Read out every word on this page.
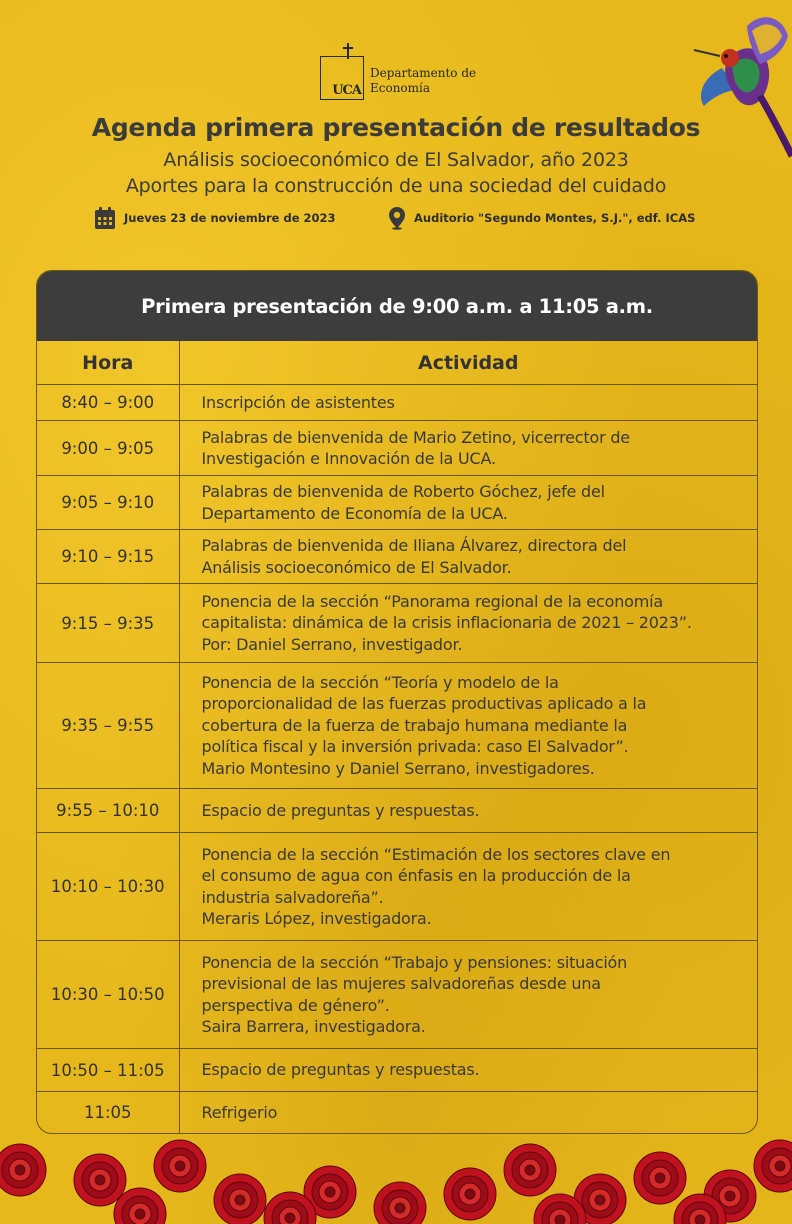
UCA
Departamento de
Economía
Agenda primera presentación de resultados
Análisis socioeconómico de El Salvador, año 2023
Aportes para la construcción de una sociedad del cuidado
Jueves 23 de noviembre de 2023	Auditorio "Segundo Montes, S.J.", edf. ICAS
Primera presentación de 9:00 a.m. a 11:05 a.m.
Hora	Actividad
8:40 – 9:00	Inscripción de asistentes
9:00 – 9:05	Palabras de bienvenida de Mario Zetino, vicerrector de
Investigación e Innovación de la UCA.
9:05 – 9:10	Palabras de bienvenida de Roberto Góchez, jefe del
Departamento de Economía de la UCA.
9:10 – 9:15	Palabras de bienvenida de Iliana Álvarez, directora del
Análisis socioeconómico de El Salvador.
9:15 – 9:35	Ponencia de la sección “Panorama regional de la economía
capitalista: dinámica de la crisis inflacionaria de 2021 – 2023”.
Por: Daniel Serrano, investigador.
9:35 – 9:55	Ponencia de la sección “Teoría y modelo de la
proporcionalidad de las fuerzas productivas aplicado a la
cobertura de la fuerza de trabajo humana mediante la
política fiscal y la inversión privada: caso El Salvador”.
Mario Montesino y Daniel Serrano, investigadores.
9:55 – 10:10	Espacio de preguntas y respuestas.
10:10 – 10:30	Ponencia de la sección “Estimación de los sectores clave en
el consumo de agua con énfasis en la producción de la
industria salvadoreña”.
Meraris López, investigadora.
10:30 – 10:50	Ponencia de la sección “Trabajo y pensiones: situación
previsional de las mujeres salvadoreñas desde una
perspectiva de género”.
Saira Barrera, investigadora.
10:50 – 11:05	Espacio de preguntas y respuestas.
11:05	Refrigerio
